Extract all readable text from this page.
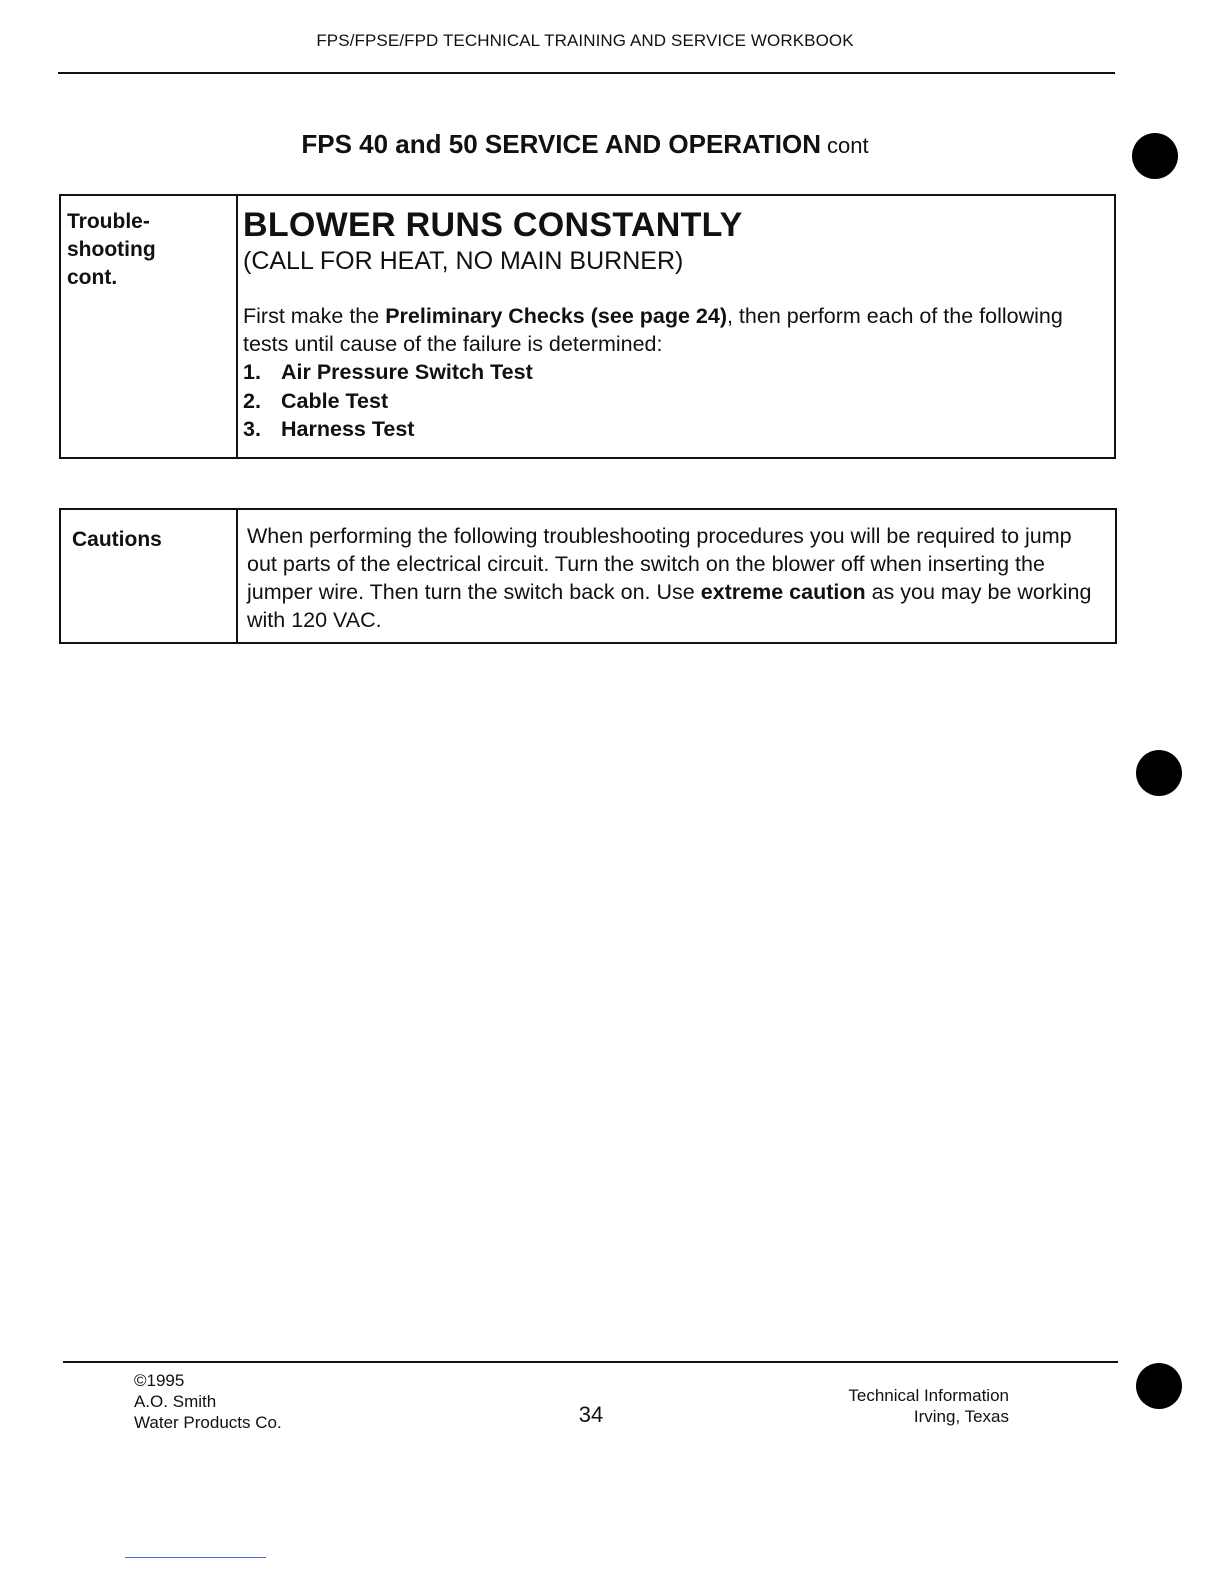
FPS/FPSE/FPD TECHNICAL TRAINING AND SERVICE WORKBOOK
FPS 40 and 50 SERVICE AND OPERATION cont
Trouble-
shooting
cont.
BLOWER RUNS CONSTANTLY
(CALL FOR HEAT, NO MAIN BURNER)
First make the Preliminary Checks (see page 24), then perform each of the following tests until cause of the failure is determined:
1. Air Pressure Switch Test
2. Cable Test
3. Harness Test
Cautions	When performing the following troubleshooting procedures you will be required to jump out parts of the electrical circuit. Turn the switch on the blower off when inserting the jumper wire. Then turn the switch back on. Use extreme caution as you may be working with 120 VAC.
©1995
A.O. Smith
Water Products Co.	34
Technical Information
Irving, Texas
